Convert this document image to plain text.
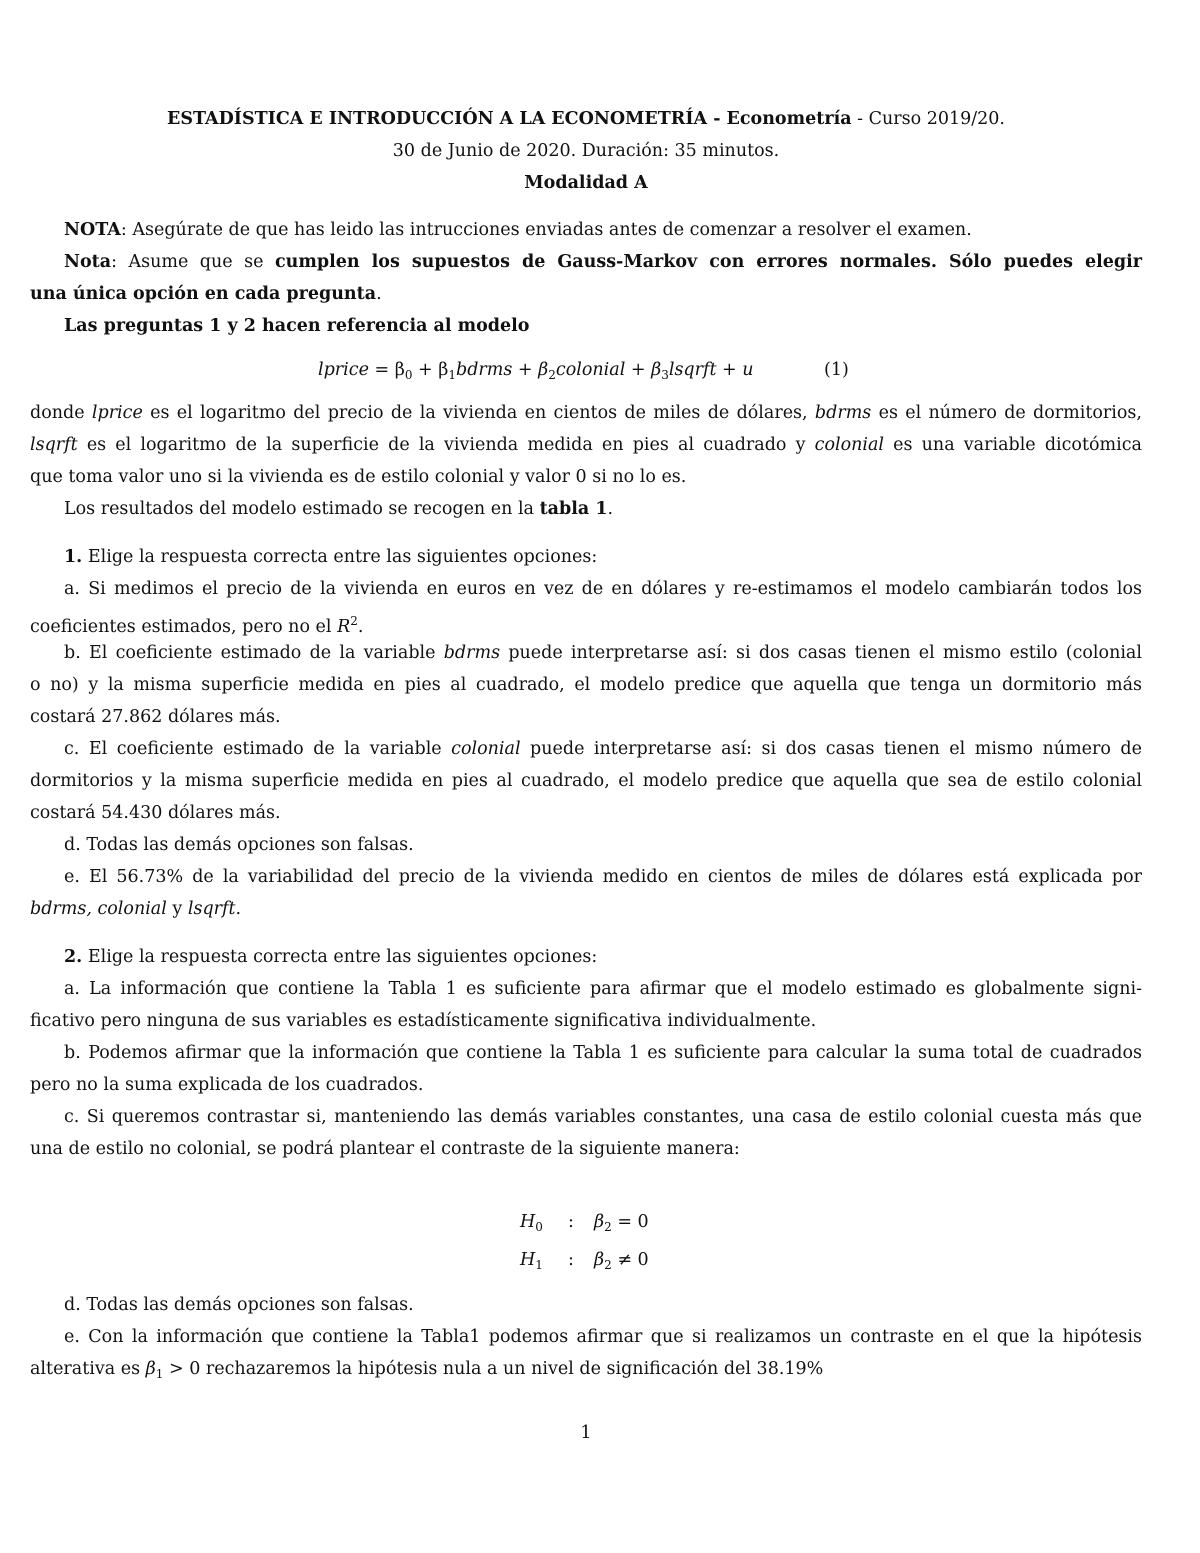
ESTADÍSTICA E INTRODUCCIÓN A LA ECONOMETRÍA - Econometría - Curso 2019/20.
30 de Junio de 2020. Duración: 35 minutos.
Modalidad A
NOTA: Asegúrate de que has leido las intrucciones enviadas antes de comenzar a resolver el examen.
Nota: Asume que se cumplen los supuestos de Gauss-Markov con errores normales. Sólo puedes elegir
una única opción en cada pregunta.
Las preguntas 1 y 2 hacen referencia al modelo
lprice = $\beta_0$ + $\beta_1bdrms$ + $\beta_2colonial$ + $\beta_3lsqrft + u$	(1)
donde lprice es el logaritmo del precio de la vivienda en cientos de miles de dólares, bdrms es el número de dormitorios,
lsqrft es el logaritmo de la superficie de la vivienda medida en pies al cuadrado y colonial es una variable dicotómica
que toma valor uno si la vivienda es de estilo colonial y valor 0 si no lo es.
Los resultados del modelo estimado se recogen en la tabla 1.
1. Elige la respuesta correcta entre las siguientes opciones:
a. Si medimos el precio de la vivienda en euros en vez de en dólares y re-estimamos el modelo cambiarán todos los
coeficientes estimados, pero no el $R^2$.
b. El coeficiente estimado de la variable bdrms puede interpretarse así: si dos casas tienen el mismo estilo (colonial
o no) y la misma superficie medida en pies al cuadrado, el modelo predice que aquella que tenga un dormitorio más
costará 27.862 dólares más.
c. El coeficiente estimado de la variable colonial puede interpretarse así: si dos casas tienen el mismo número de
dormitorios y la misma superficie medida en pies al cuadrado, el modelo predice que aquella que sea de estilo colonial
costará 54.430 dólares más.
d. Todas las demás opciones son falsas.
e. El 56.73% de la variabilidad del precio de la vivienda medido en cientos de miles de dólares está explicada por
bdrms, colonial y lsqrft.
2. Elige la respuesta correcta entre las siguientes opciones:
a. La información que contiene la Tabla 1 es suficiente para afirmar que el modelo estimado es globalmente signi-
ficativo pero ninguna de sus variables es estadísticamente significativa individualmente.
b. Podemos afirmar que la información que contiene la Tabla 1 es suficiente para calcular la suma total de cuadrados
pero no la suma explicada de los cuadrados.
c. Si queremos contrastar si, manteniendo las demás variables constantes, una casa de estilo colonial cuesta más que
una de estilo no colonial, se podrá plantear el contraste de la siguiente manera:
$H_0$ : $\beta_2 = 0$
$H_1$ : $\beta_2 \ne 0$
d. Todas las demás opciones son falsas.
e. Con la información que contiene la Tabla1 podemos afirmar que si realizamos un contraste en el que la hipótesis
alterativa es $\beta_1 > 0$ rechazaremos la hipótesis nula a un nivel de significación del 38.19%
1
